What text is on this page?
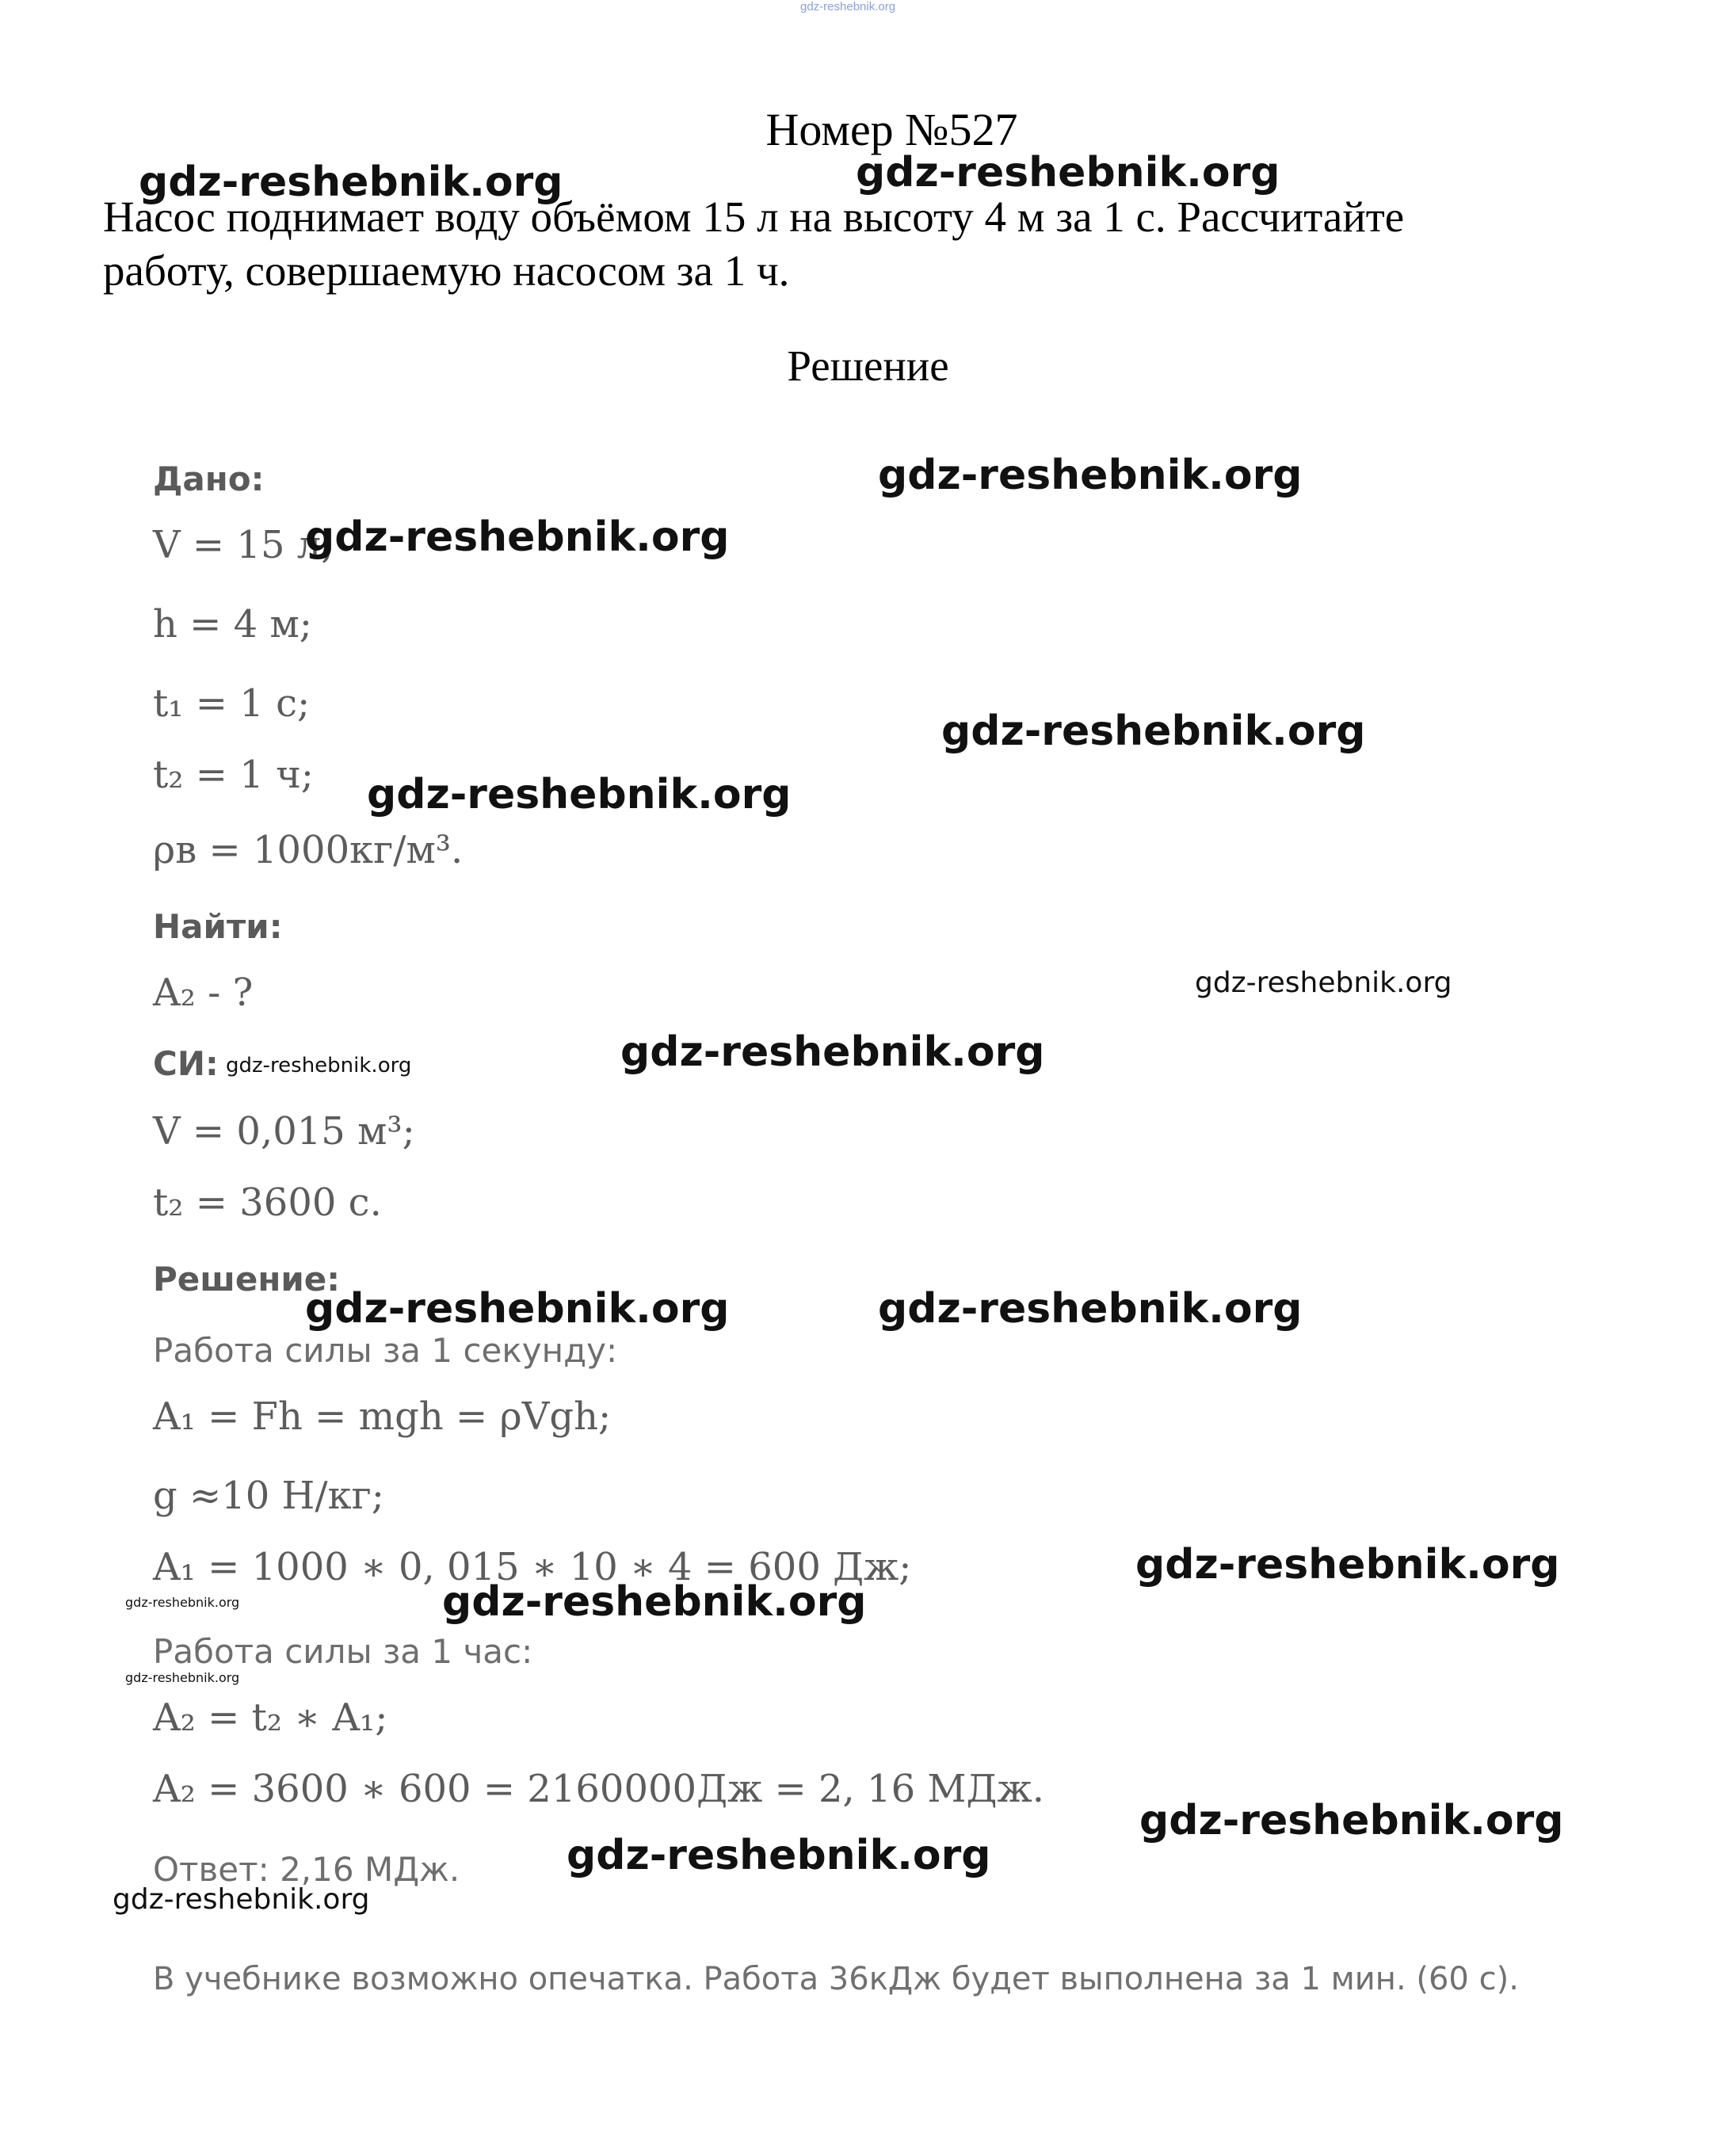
gdz-reshebnik.org
Номер №527
Насос поднимает воду объёмом 15 л на высоту 4 м за 1 с. Рассчитайте работу, совершаемую насосом за 1 ч.
Решение
Дано:
V = 15 л;
h = 4 м;
t₁ = 1 с;
t₂ = 1 ч;
ρв = 1000кг/м³.
Найти:
A₂ - ?
СИ:
V = 0,015 м³;
t₂ = 3600 с.
Решение:
Работа силы за 1 секунду:
A₁ = Fh = mgh = ρVgh;
g ≈10 Н/кг;
A₁ = 1000 ∗ 0, 015 ∗ 10 ∗ 4 = 600 Дж;
Работа силы за 1 час:
A₂ = t₂ ∗ A₁;
A₂ = 3600 ∗ 600 = 2160000Дж = 2, 16 МДж.
Ответ: 2,16 МДж.
В учебнике возможно опечатка. Работа 36кДж будет выполнена за 1 мин. (60 с).
gdz-reshebnik.org	gdz-reshebnik.org
gdz-reshebnik.org
gdz-reshebnik.org
gdz-reshebnik.org
gdz-reshebnik.org
gdz-reshebnik.org
gdz-reshebnik.org	gdz-reshebnik.org
gdz-reshebnik.org	gdz-reshebnik.org
gdz-reshebnik.org
gdz-reshebnik.org
gdz-reshebnik.org
gdz-reshebnik.org
gdz-reshebnik.org
gdz-reshebnik.org
gdz-reshebnik.org
